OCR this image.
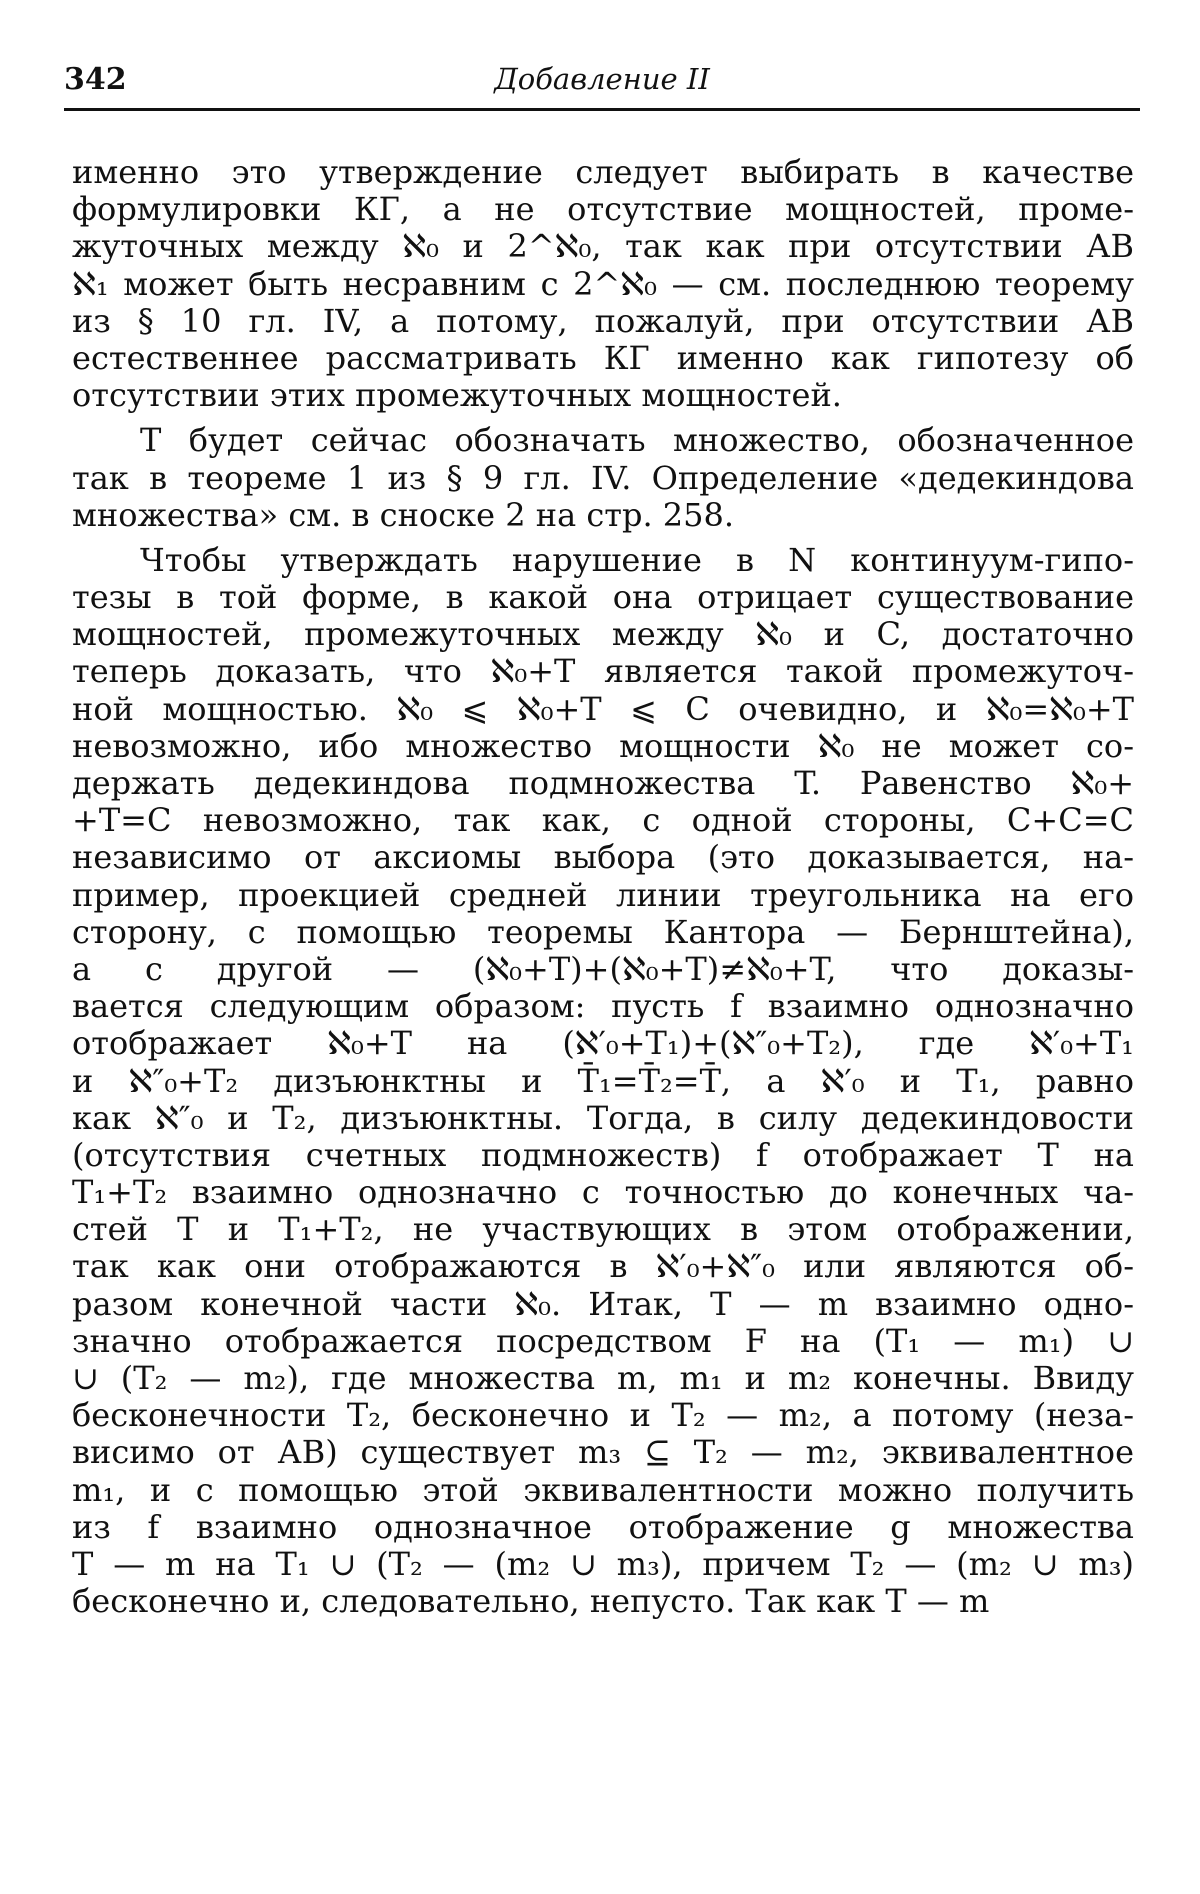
342	Добавление II
именно это утверждение следует выбирать в качестве
формулировки КГ, а не отсутствие мощностей, проме-
жуточных между ℵ₀ и 2^ℵ₀, так как при отсутствии АВ
ℵ₁ может быть несравним с 2^ℵ₀ — см. последнюю теорему
из § 10 гл. IV, а потому, пожалуй, при отсутствии АВ
естественнее рассматривать КГ именно как гипотезу об
отсутствии этих промежуточных мощностей.
T будет сейчас обозначать множество, обозначенное
так в теореме 1 из § 9 гл. IV. Определение «дедекиндова
множества» см. в сноске 2 на стр. 258.
Чтобы утверждать нарушение в N континуум-гипо-
тезы в той форме, в какой она отрицает существование
мощностей, промежуточных между ℵ₀ и C, достаточно
теперь доказать, что ℵ₀+T является такой промежуточ-
ной мощностью. ℵ₀ ⩽ ℵ₀+T ⩽ C очевидно, и ℵ₀=ℵ₀+T
невозможно, ибо множество мощности ℵ₀ не может со-
держать дедекиндова подмножества T. Равенство ℵ₀+
+T=C невозможно, так как, с одной стороны, C+C=C
независимо от аксиомы выбора (это доказывается, на-
пример, проекцией средней линии треугольника на его
сторону, с помощью теоремы Кантора — Бернштейна),
а с другой — (ℵ₀+T)+(ℵ₀+T)≠ℵ₀+T, что доказы-
вается следующим образом: пусть f взаимно однозначно
отображает ℵ₀+T на (ℵ′₀+T₁)+(ℵ″₀+T₂), где ℵ′₀+T₁
и ℵ″₀+T₂ дизъюнктны и T̄₁=T̄₂=T̄, а ℵ′₀ и T₁, равно
как ℵ″₀ и T₂, дизъюнктны. Тогда, в силу дедекиндовости
(отсутствия счетных подмножеств) f отображает T на
T₁+T₂ взаимно однозначно с точностью до конечных ча-
стей T и T₁+T₂, не участвующих в этом отображении,
так как они отображаются в ℵ′₀+ℵ″₀ или являются об-
разом конечной части ℵ₀. Итак, T — m взаимно одно-
значно отображается посредством F на (T₁ — m₁) ∪
∪ (T₂ — m₂), где множества m, m₁ и m₂ конечны. Ввиду
бесконечности T₂, бесконечно и T₂ — m₂, а потому (неза-
висимо от АВ) существует m₃ ⊆ T₂ — m₂, эквивалентное
m₁, и с помощью этой эквивалентности можно получить
из f взаимно однозначное отображение g множества
T — m на T₁ ∪ (T₂ — (m₂ ∪ m₃), причем T₂ — (m₂ ∪ m₃)
бесконечно и, следовательно, непусто. Так как T — m
